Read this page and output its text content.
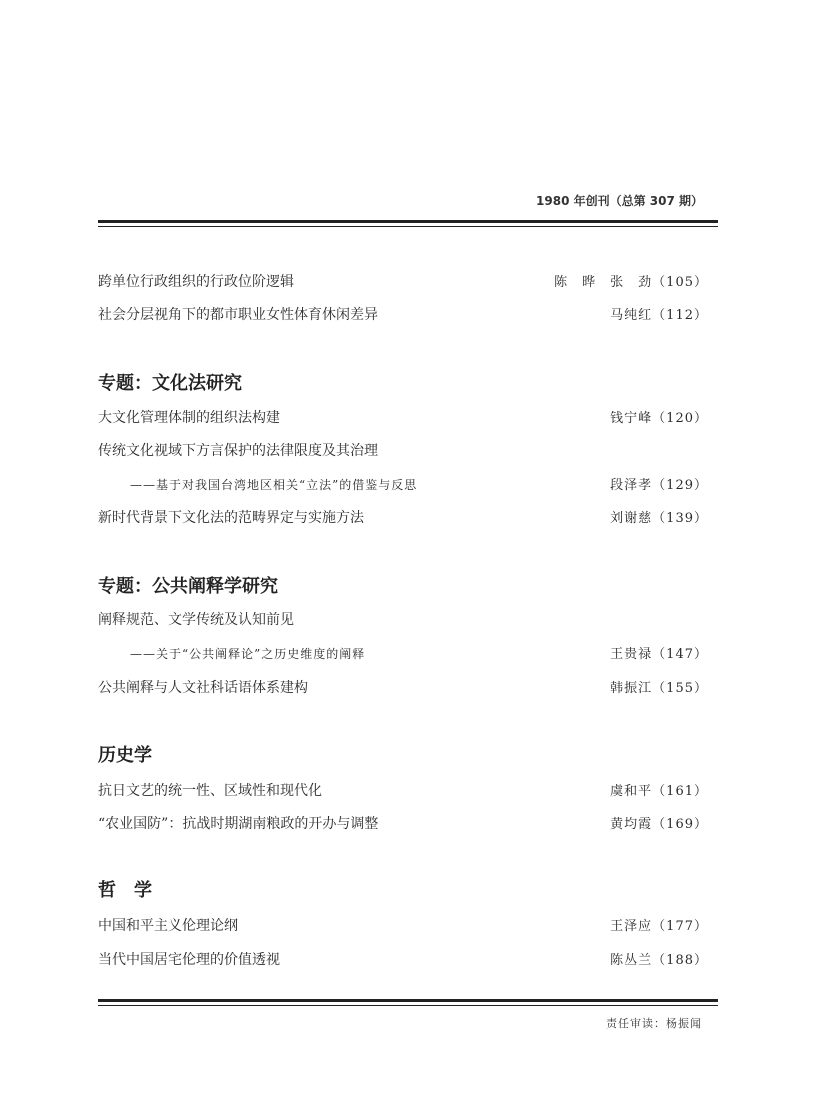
1980 年创刊（总第 307 期）
跨单位行政组织的行政位阶逻辑	陈　晔　张　劲（105）
社会分层视角下的都市职业女性体育休闲差异	马纯红（112）
专题：文化法研究
大文化管理体制的组织法构建	钱宁峰（120）
传统文化视域下方言保护的法律限度及其治理
——基于对我国台湾地区相关“立法”的借鉴与反思	段泽孝（129）
新时代背景下文化法的范畴界定与实施方法	刘谢慈（139）
专题：公共阐释学研究
阐释规范、文学传统及认知前见
——关于“公共阐释论”之历史维度的阐释	王贵禄（147）
公共阐释与人文社科话语体系建构	韩振江（155）
历史学
抗日文艺的统一性、区域性和现代化	虞和平（161）
“农业国防”：抗战时期湖南粮政的开办与调整	黄均霞（169）
哲　学
中国和平主义伦理论纲	王泽应（177）
当代中国居宅伦理的价值透视	陈丛兰（188）
责任审读：杨振闻
